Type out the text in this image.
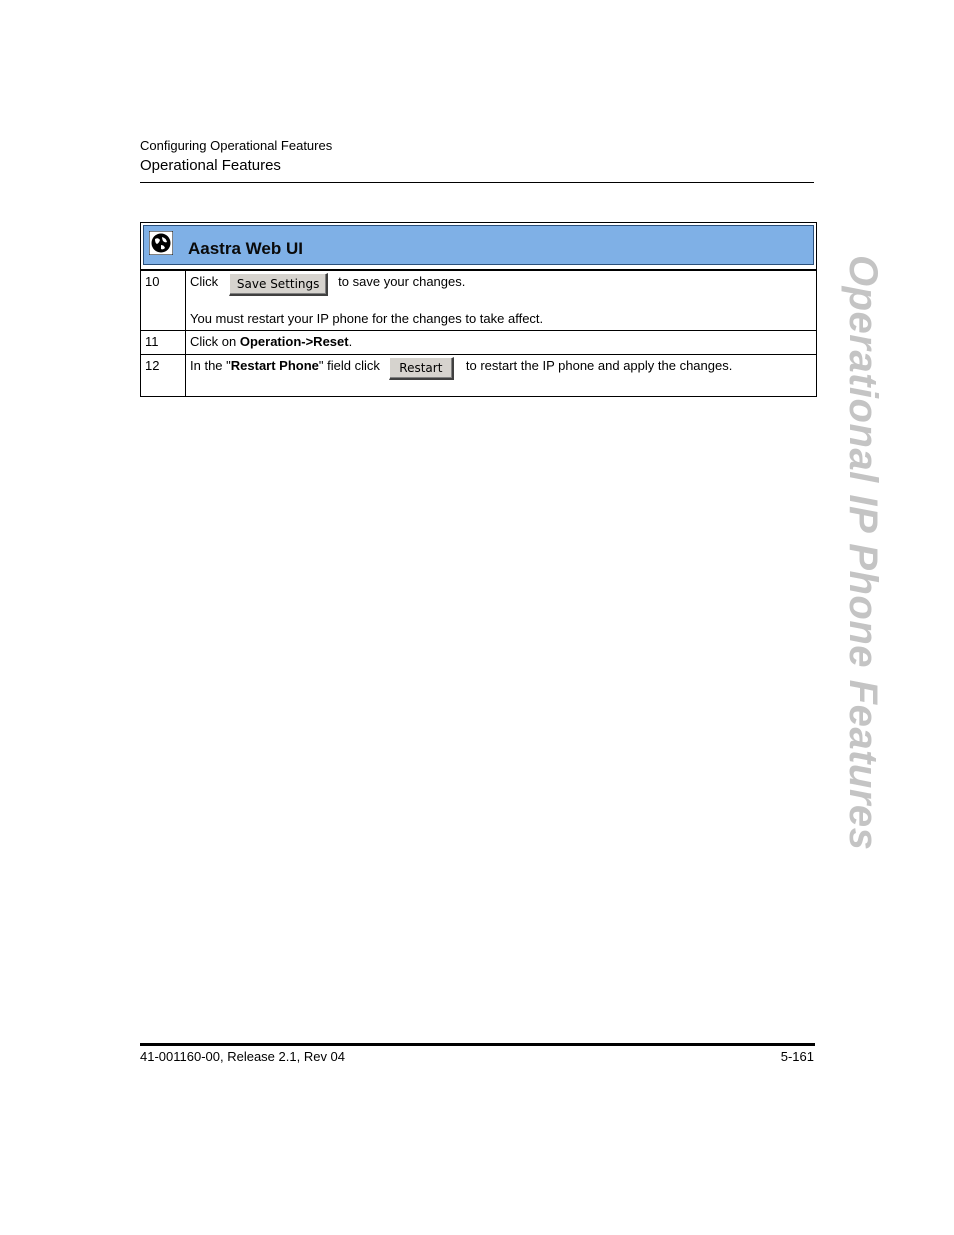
Configuring Operational Features
Operational Features
Aastra Web UI
10	Click Save Settings to save your changes.
You must restart your IP phone for the changes to take affect.

11	Click on Operation->Reset.
12	In the " Restart Phone " field click Restart to restart the IP phone and apply the changes.	Operational IP Phone Features
41-001160-00, Release 2.1, Rev 04	5-161
